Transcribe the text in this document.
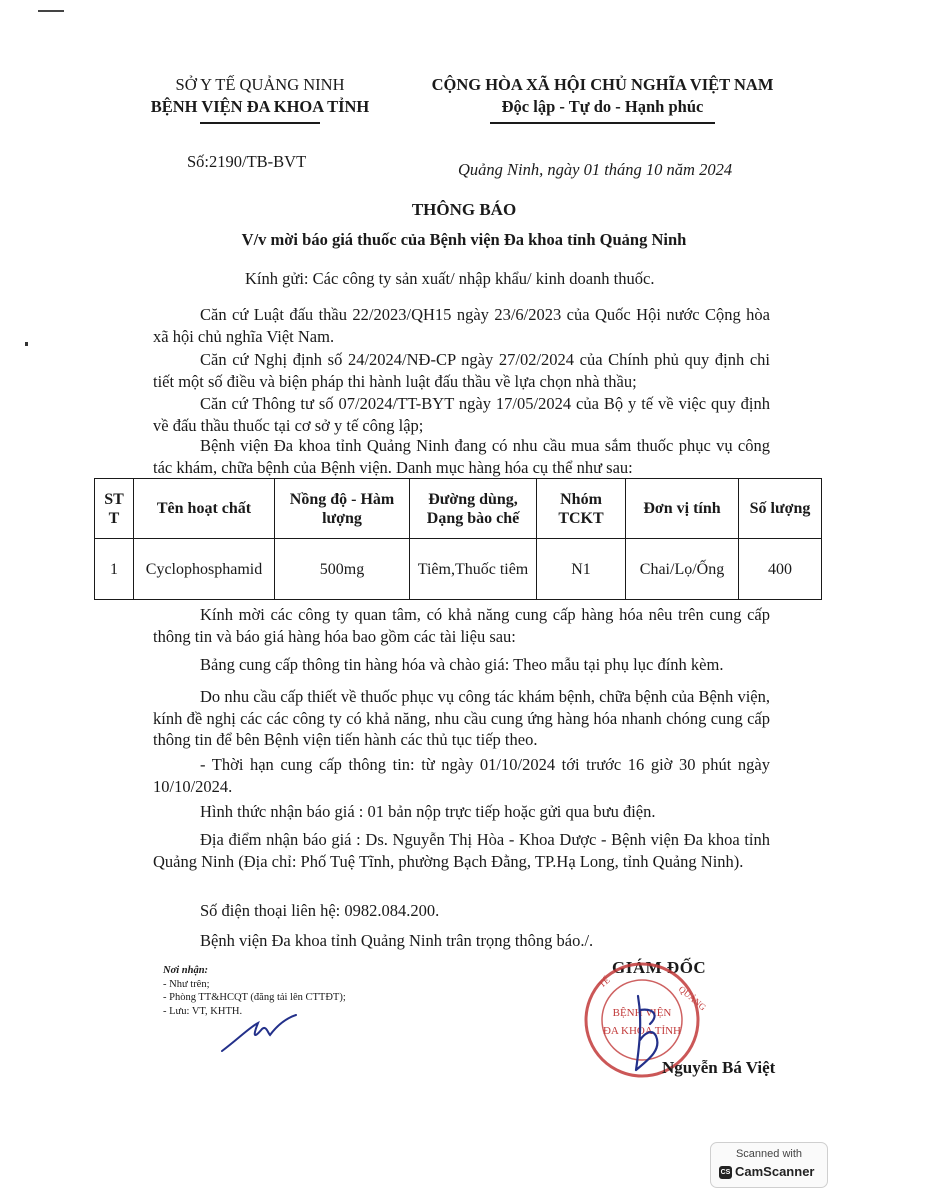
SỞ Y TẾ QUẢNG NINH
BỆNH VIỆN ĐA KHOA TỈNH
Số:2190/TB-BVT
CỘNG HÒA XÃ HỘI CHỦ NGHĨA VIỆT NAM
Độc lập - Tự do - Hạnh phúc
Quảng Ninh, ngày 01 tháng 10 năm 2024
THÔNG BÁO
V/v mời báo giá thuốc của Bệnh viện Đa khoa tỉnh Quảng Ninh
Kính gửi: Các công ty sản xuất/ nhập khẩu/ kinh doanh thuốc.

Căn cứ Luật đấu thầu 22/2023/QH15 ngày 23/6/2023 của Quốc Hội nước Cộng hòa xã hội chủ nghĩa Việt Nam.

Căn cứ Nghị định số 24/2024/NĐ-CP ngày 27/02/2024 của Chính phủ quy định chi tiết một số điều và biện pháp thi hành luật đấu thầu về lựa chọn nhà thầu;

Căn cứ Thông tư số 07/2024/TT-BYT ngày 17/05/2024 của Bộ y tế về việc quy định về đấu thầu thuốc tại cơ sở y tế công lập;

Bệnh viện Đa khoa tỉnh Quảng Ninh đang có nhu cầu mua sắm thuốc phục vụ công tác khám, chữa bệnh của Bệnh viện. Danh mục hàng hóa cụ thể như sau:

ST T	Tên hoạt chất	Nồng độ - Hàm lượng	Đường dùng, Dạng bào chế	Nhóm TCKT	Đơn vị tính	Số lượng
1	Cyclophosphamid	500mg	Tiêm,Thuốc tiêm	N1	Chai/Lọ/Ống	400

Kính mời các công ty quan tâm, có khả năng cung cấp hàng hóa nêu trên cung cấp thông tin và báo giá hàng hóa bao gồm các tài liệu sau:

Bảng cung cấp thông tin hàng hóa và chào giá: Theo mẫu tại phụ lục đính kèm.

Do nhu cầu cấp thiết về thuốc phục vụ công tác khám bệnh, chữa bệnh của Bệnh viện, kính đề nghị các các công ty có khả năng, nhu cầu cung ứng hàng hóa nhanh chóng cung cấp thông tin để bên Bệnh viện tiến hành các thủ tục tiếp theo.

- Thời hạn cung cấp thông tin: từ ngày 01/10/2024 tới trước 16 giờ 30 phút ngày 10/10/2024.

Hình thức nhận báo giá : 01 bản nộp trực tiếp hoặc gửi qua bưu điện.

Địa điểm nhận báo giá : Ds. Nguyễn Thị Hòa - Khoa Dược - Bệnh viện Đa khoa tỉnh Quảng Ninh (Địa chỉ: Phố Tuệ Tĩnh, phường Bạch Đằng, TP.Hạ Long, tỉnh Quảng Ninh).

Số điện thoại liên hệ: 0982.084.200.

Bệnh viện Đa khoa tỉnh Quảng Ninh trân trọng thông báo./.

Nơi nhận:
- Như trên;
- Phòng TT&HCQT (đăng tải lên CTTĐT);
- Lưu: VT, KHTH.
GIÁM ĐỐC
TẾ
QUẢNG
BỆNH VIỆN
ĐA KHOA TỈNH
Nguyễn Bá Việt
Scanned with
CS CamScanner
